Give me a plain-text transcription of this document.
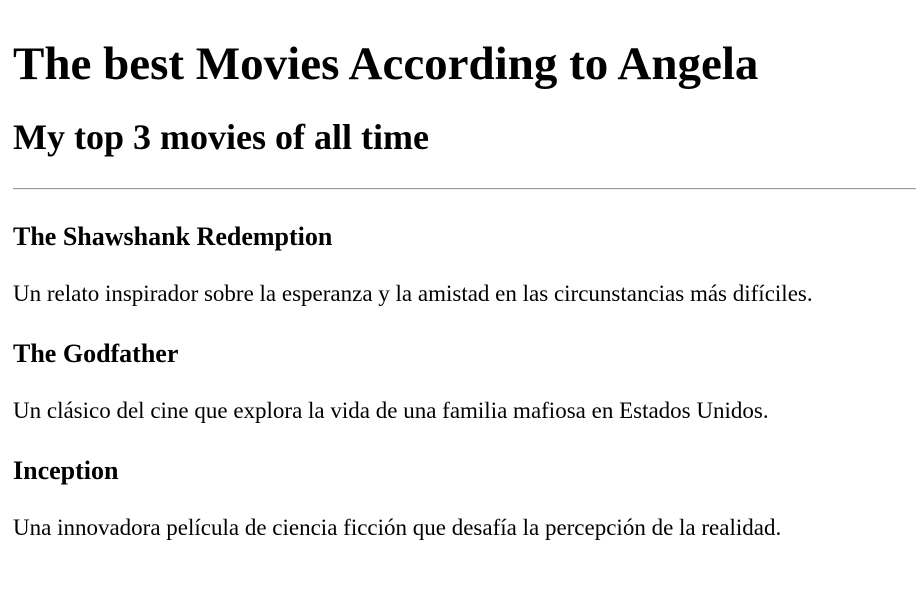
The best Movies According to Angela
My top 3 movies of all time
The Shawshank Redemption

Un relato inspirador sobre la esperanza y la amistad en las circunstancias más difíciles.

The Godfather

Un clásico del cine que explora la vida de una familia mafiosa en Estados Unidos.

Inception

Una innovadora película de ciencia ficción que desafía la percepción de la realidad.
